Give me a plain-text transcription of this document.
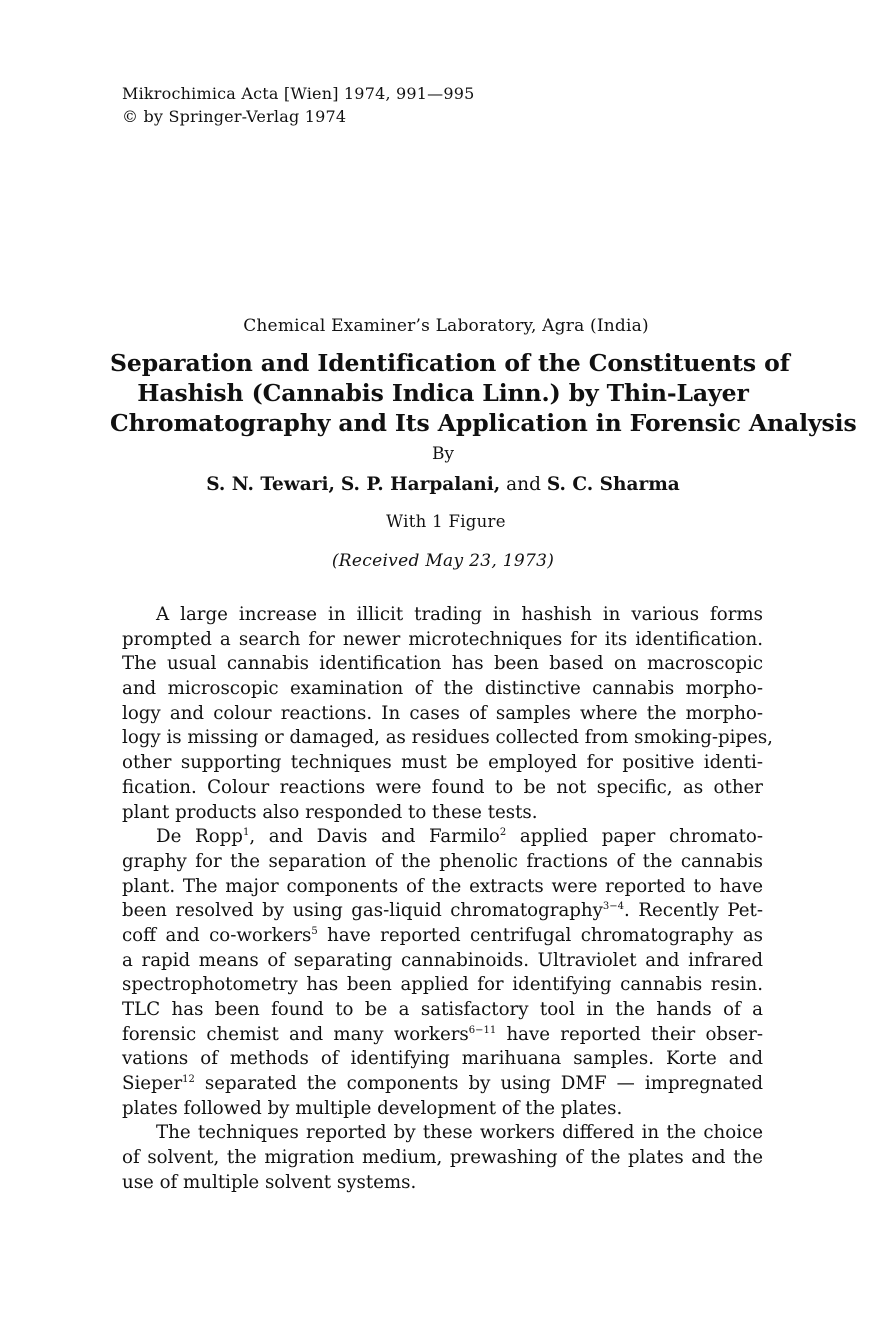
Mikrochimica Acta [Wien] 1974, 991—995
© by Springer-Verlag 1974
Chemical Examiner’s Laboratory, Agra (India)
Separation and Identification of the Constituents of
Hashish (Cannabis Indica Linn.) by Thin-Layer
Chromatography and Its Application in Forensic Analysis
By
S. N. Tewari, S. P. Harpalani, and S. C. Sharma
With 1 Figure
(Received May 23, 1973)
A large increase in illicit trading in hashish in various forms
prompted a search for newer microtechniques for its identification.
The usual cannabis identification has been based on macroscopic
and microscopic examination of the distinctive cannabis morpho-
logy and colour reactions. In cases of samples where the morpho-
logy is missing or damaged, as residues collected from smoking-pipes,
other supporting techniques must be employed for positive identi-
fication. Colour reactions were found to be not specific, as other
plant products also responded to these tests.
De Ropp$^1$, and Davis and Farmilo$^2$ applied paper chromato-
graphy for the separation of the phenolic fractions of the cannabis
plant. The major components of the extracts were reported to have
been resolved by using gas-liquid chromatography$^{3-4}$. Recently Pet-
coff and co-workers$^5$ have reported centrifugal chromatography as
a rapid means of separating cannabinoids. Ultraviolet and infrared
spectrophotometry has been applied for identifying cannabis resin.
TLC has been found to be a satisfactory tool in the hands of a
forensic chemist and many workers$^{6-11}$ have reported their obser-
vations of methods of identifying marihuana samples. Korte and
Sieper$^{12}$ separated the components by using DMF — impregnated
plates followed by multiple development of the plates.
The techniques reported by these workers differed in the choice
of solvent, the migration medium, prewashing of the plates and the
use of multiple solvent systems.
